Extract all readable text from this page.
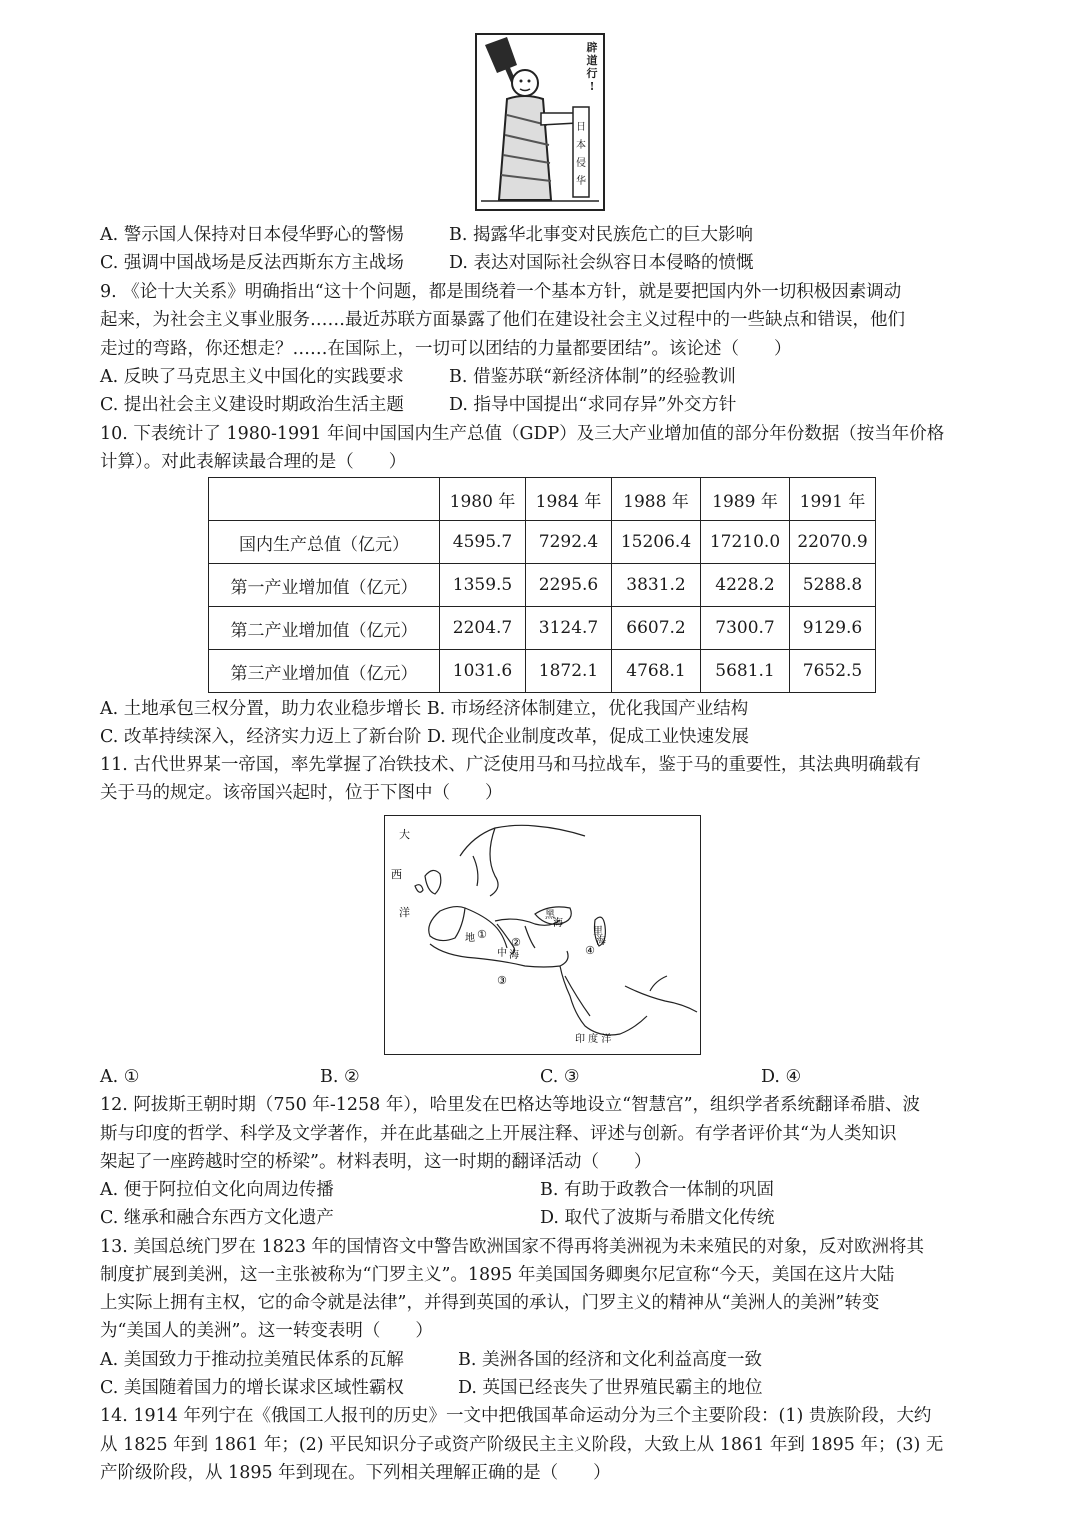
辟
道
行
!
日
本
侵
华
A. 警示国人保持对日本侵华野心的警惕	B. 揭露华北事变对民族危亡的巨大影响
C. 强调中国战场是反法西斯东方主战场	D. 表达对国际社会纵容日本侵略的愤慨
9. 《论十大关系》明确指出“这十个问题，都是围绕着一个基本方针，就是要把国内外一切积极因素调动
起来，为社会主义事业服务……最近苏联方面暴露了他们在建设社会主义过程中的一些缺点和错误，他们
走过的弯路，你还想走？……在国际上，一切可以团结的力量都要团结”。该论述（　　）
A. 反映了马克思主义中国化的实践要求	B. 借鉴苏联“新经济体制”的经验教训
C. 提出社会主义建设时期政治生活主题	D. 指导中国提出“求同存异”外交方针
10. 下表统计了 1980-1991 年间中国国内生产总值（GDP）及三大产业增加值的部分年份数据（按当年价格
计算）。对此表解读最合理的是（　　）
	1980 年	1984 年	1988 年	1989 年	1991 年
国内生产总值（亿元）	4595.7	7292.4	15206.4	17210.0	22070.9
第一产业增加值（亿元）	1359.5	2295.6	3831.2	4228.2	5288.8
第二产业增加值（亿元）	2204.7	3124.7	6607.2	7300.7	9129.6
第三产业增加值（亿元）	1031.6	1872.1	4768.1	5681.1	7652.5
A. 土地承包三权分置，助力农业稳步增长 B. 市场经济体制建立，优化我国产业结构
C. 改革持续深入，经济实力迈上了新台阶 D. 现代企业制度改革，促成工业快速发展
11. 古代世界某一帝国，率先掌握了冶铁技术、广泛使用马和马拉战车，鉴于马的重要性，其法典明确载有
关于马的规定。该帝国兴起时，位于下图中（　　）
大
西
洋	黑
海
里
海
地
中 海
印 度 洋
①
②
③
④
A. ①	B. ②	C. ③	D. ④
12. 阿拔斯王朝时期（750 年-1258 年），哈里发在巴格达等地设立“智慧宫”，组织学者系统翻译希腊、波
斯与印度的哲学、科学及文学著作，并在此基础之上开展注释、评述与创新。有学者评价其“为人类知识
架起了一座跨越时空的桥梁”。材料表明，这一时期的翻译活动（　　）
A. 便于阿拉伯文化向周边传播	B. 有助于政教合一体制的巩固
C. 继承和融合东西方文化遗产	D. 取代了波斯与希腊文化传统
13. 美国总统门罗在 1823 年的国情咨文中警告欧洲国家不得再将美洲视为未来殖民的对象，反对欧洲将其
制度扩展到美洲，这一主张被称为“门罗主义”。1895 年美国国务卿奥尔尼宣称“今天，美国在这片大陆
上实际上拥有主权，它的命令就是法律”，并得到英国的承认，门罗主义的精神从“美洲人的美洲”转变
为“美国人的美洲”。这一转变表明（　　）
A. 美国致力于推动拉美殖民体系的瓦解	B. 美洲各国的经济和文化利益高度一致
C. 美国随着国力的增长谋求区域性霸权	D. 英国已经丧失了世界殖民霸主的地位
14. 1914 年列宁在《俄国工人报刊的历史》一文中把俄国革命运动分为三个主要阶段：(1) 贵族阶段，大约
从 1825 年到 1861 年；(2) 平民知识分子或资产阶级民主主义阶段，大致上从 1861 年到 1895 年；(3) 无
产阶级阶段，从 1895 年到现在。下列相关理解正确的是（　　）
